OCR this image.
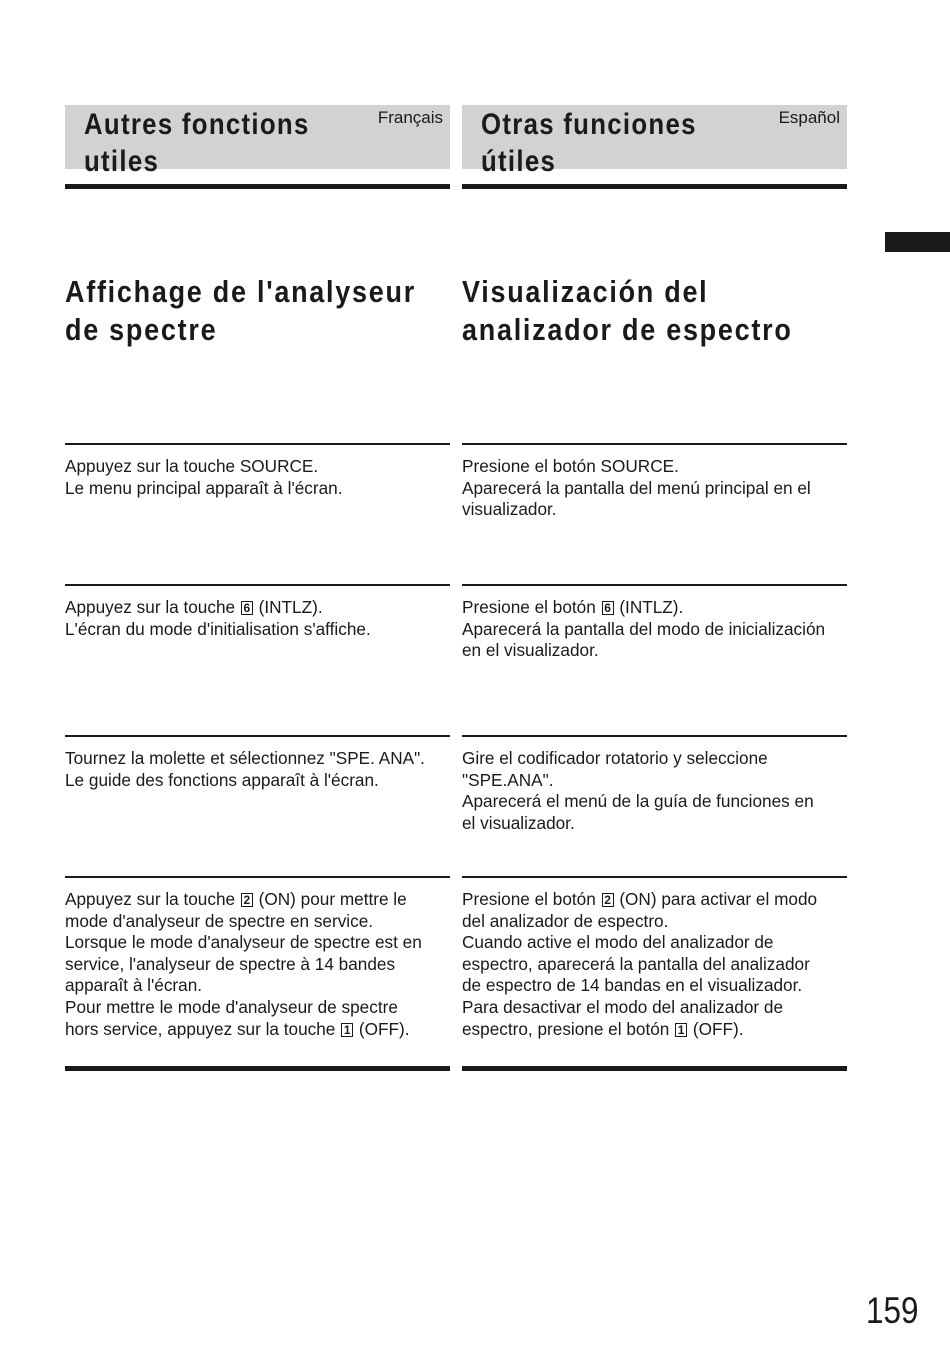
Autres fonctions
utiles
Français
Affichage de l'analyseur
de spectre
Appuyez sur la touche SOURCE.
Le menu principal apparaît à l'écran.
Appuyez sur la touche 6 (INTLZ).
L'écran du mode d'initialisation s'affiche.
Tournez la molette et sélectionnez "SPE. ANA".
Le guide des fonctions apparaît à l'écran.
Appuyez sur la touche 2 (ON) pour mettre le
mode d'analyseur de spectre en service.
Lorsque le mode d'analyseur de spectre est en
service, l'analyseur de spectre à 14 bandes
apparaît à l'écran.
Pour mettre le mode d'analyseur de spectre
hors service, appuyez sur la touche 1 (OFF).
Otras funciones
útiles
Español
Visualización del
analizador de espectro
Presione el botón SOURCE.
Aparecerá la pantalla del menú principal en el
visualizador.
Presione el botón 6 (INTLZ).
Aparecerá la pantalla del modo de inicialización
en el visualizador.
Gire el codificador rotatorio y seleccione
"SPE.ANA".
Aparecerá el menú de la guía de funciones en
el visualizador.
Presione el botón 2 (ON) para activar el modo
del analizador de espectro.
Cuando active el modo del analizador de
espectro, aparecerá la pantalla del analizador
de espectro de 14 bandas en el visualizador.
Para desactivar el modo del analizador de
espectro, presione el botón 1 (OFF).
159
